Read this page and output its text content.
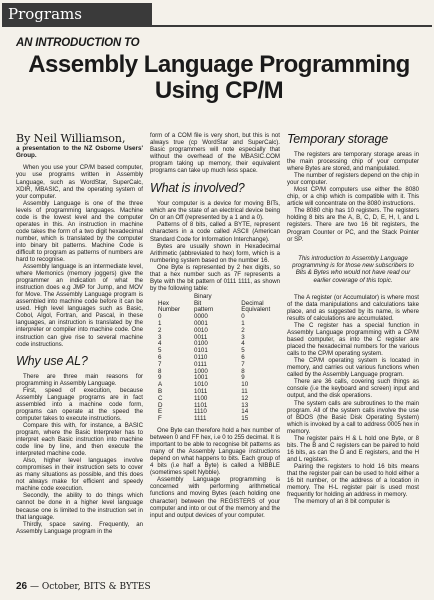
Programs
AN INTRODUCTION TO
Assembly Language Programming Using CP/M
By Neil Williamson,
a presentation to the NZ Osborne Users' Group.

When you use your CP/M based computer, you use programs written in Assembly Language, such as WordStar, SuperCalc, XDIR, MBASIC, and the operating system of your computer.

Assembly Language is one of the three levels of programming languages. Machine code is the lowest level and the computer operates in this. An instruction in machine code takes the form of a two digit hexadecimal number, which is translated by the computer into binary bit patterns. Machine Code is difficult to program as patterns of numbers are hard to recognise.

Assembly language is an intermediate level, where Memonics (memory joggers) give the programmer an indication of what the instruction does e.g JMP for Jump, and MOV for Move. The Assembly Language program is assembled into machine code before it can be used. High level languages such as Basic, Cobol, Algol, Fortran, and Pascal, in these languages, an instruction is translated by the interpreter or compiler into machine code. One instruction can give rise to several machine code instructions.

Why use AL?

There are three main reasons for programming in Assembly Language.

First, speed of execution, because Assembly Language programs are in fact assembled into a machine code form, programs can operate at the speed the computer takes to execute instructions.

Compare this with, for instance, a BASIC program, where the Basic Interpreter has to interpret each Basic instruction into machine code line by line, and then execute the interpreted machine code.

Also, higher level languages involve compromises in their instruction sets to cover as many situations as possible, and this does not always make for efficient and speedy machine code execution.

Secondly, the ability to do things which cannot be done in a higher level language because one is limited to the instruction set in that language.

Thirdly, space saving. Frequently, an Assembly Language program in the

form of a COM file is very short, but this is not always true (cp WordStar and SuperCalc). Basic programmers will note especially that without the overhead of the MBASIC.COM program taking up memory, their equivalent programs can take up much less space.

What is involved?

Your computer is a device for moving BITs, which are the state of an electrical device being On or an Off (represented by a 1 and a 0).

Patterns of 8 bits, called a BYTE, represent characters in a code called ASCII (American Standard Code for Information Interchange).

Bytes are usually shown in Hexadecimal Arithmetic (abbreviated to hex) form, which is a numbering system based on the number 16.

One Byte is represented by 2 hex digits, so that a hex number such as 7F represents a Byte with the bit pattern of 0111 1111, as shown by the following table:

	Binary	
Hex	Bit	Decimal
Number	pattern	Equivalent
0	0000	0
1	0001	1
2	0010	2
3	0011	3
4	0100	4
5	0101	5
6	0110	6
7	0111	7
8	1000	8
9	1001	9
A	1010	10
B	1011	11
C	1100	12
D	1101	13
E	1110	14
F	1111	15

One Byte can therefore hold a hex number of between 0 and FF hex, i.e 0 to 255 decimal. It is important to be able to recognise bit patterns as many of the Assembly Language instructions depend on what happens to bits. Each group of 4 bits (i.e half a Byte) is called a NIBBLE (sometimes spelt Nybble).

Assembly Language programming is concerned with performing arithmetical functions and moving Bytes (each holding one character) between the REGISTERS of your computer and into or out of the memory and the input and output devices of your computer.

Temporary storage

The registers are temporary storage areas in the main processing chip of your computer where Bytes are stored, and manipulated.

The number of registers depend on the chip in your computer.

Most CP/M computers use either the 8080 chip, or a chip which is compatible with it. This article will concentrate on the 8080 instructions.

The 8080 chip has 10 registers. The registers holding 8 bits are the A, B, C, D, E, H, I, and L registers. There are two 16 bit registers, the Program Counter or PC, and the Stack Pointer or SP.

This introduction to Assembly Language programming is for those new subscribers to Bits & Bytes who would not have read our earlier coverage of this topic.

The A register (or Accumulator) is where most of the data manipulations and calculations take place, and as suggested by its name, is where results of calculations are accumulated.

The C register has a special function in Assembly Language programming with a CP/M based computer, as into the C register are placed the hexadecimal numbers for the various calls to the CP/M operating system.

The CP/M operating system is located in memory, and carries out various functions when called by the Assembly Language program.

There are 36 calls, covering such things as console (i.e the keyboard and screen) input and output, and the disk operations.

The system calls are subroutines to the main program. All of the system calls involve the use of BDOS (the Basic Disk Operating System) which is invoked by a call to address 0005 hex in memory.

The register pairs H & L hold one Byte, or 8 bits. The B and C registers can be paired to hold 16 bits, as can the D and E registers, and the H and L registers.

Pairing the registers to hold 16 bits means that the register pair can be used to hold either a 16 bit number, or the address of a location in memory. The H-L register pair is used most frequently for holding an address in memory.

The memory of an 8 bit computer is

26 — October, BITS & BYTES
